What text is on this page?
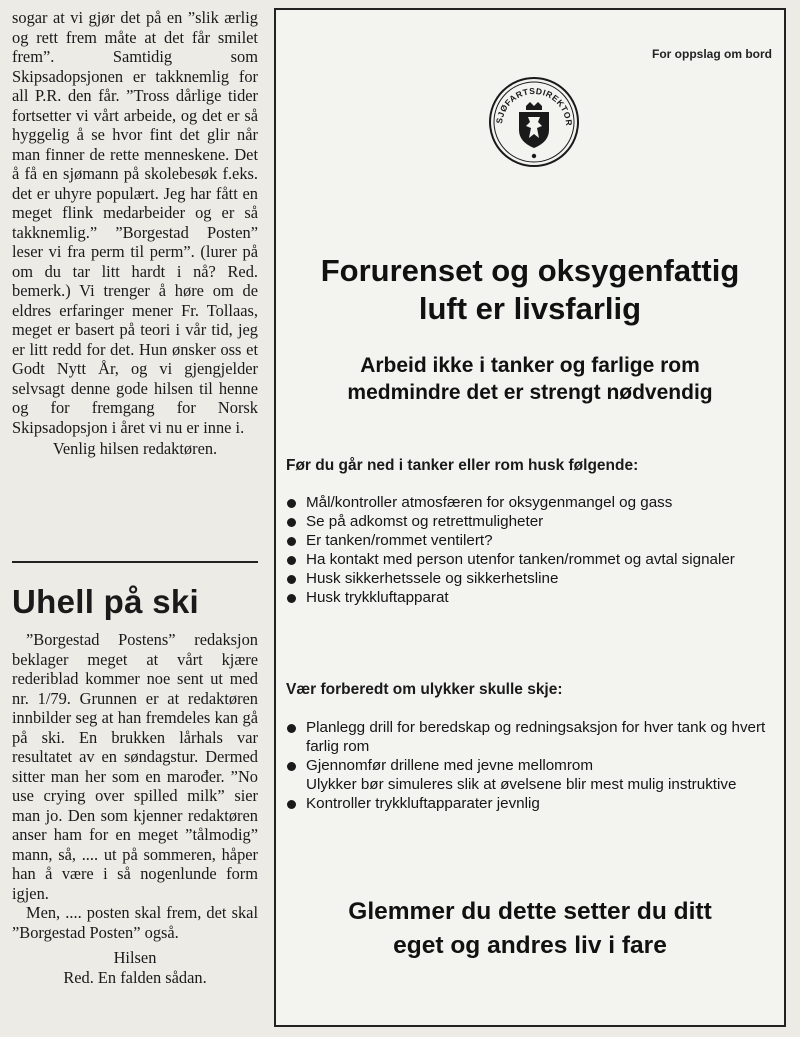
sogar at vi gjør det på en ”slik ærlig og rett frem måte at det får smilet frem”. Samtidig som Skipsadopsjonen er takknemlig for all P.R. den får. ”Tross dårlige tider fortsetter vi vårt arbeide, og det er så hyggelig å se hvor fint det glir når man finner de rette menneskene. Det å få en sjømann på skolebesøk f.eks. det er uhyre populært. Jeg har fått en meget flink medarbeider og er så takknemlig.” ”Borgestad Posten” leser vi fra perm til perm”. (lurer på om du tar litt hardt i nå? Red. bemerk.) Vi trenger å høre om de eldres erfaringer mener Fr. Tollaas, meget er basert på teori i vår tid, jeg er litt redd for det. Hun ønsker oss et Godt Nytt År, og vi gjengjelder selvsagt denne gode hilsen til henne og for fremgang for Norsk Skipsadopsjon i året vi nu er inne i.

Venlig hilsen redaktøren.

Uhell på ski

”Borgestad Postens” redaksjon beklager meget at vårt kjære rederiblad kommer noe sent ut med nr. 1/79. Grunnen er at redaktøren innbilder seg at han fremdeles kan gå på ski. En brukken lårhals var resultatet av en søndagstur. Dermed sitter man her som en marođer. ”No use crying over spilled milk” sier man jo. Den som kjenner redaktøren anser ham for en meget ”tålmodig” mann, så, .... ut på sommeren, håper han å være i så nogenlunde form igjen.

Men, .... posten skal frem, det skal ”Borgestad Posten” også.

Hilsen

Red. En falden sådan.

For oppslag om bord
SJØFARTSDIREKTOR
Forurenset og oksygenfattig
luft er livsfarlig
Arbeid ikke i tanker og farlige rom
medmindre det er strengt nødvendig
Før du går ned i tanker eller rom husk følgende:
Mål/kontroller atmosfæren for oksygenmangel og gass
Se på adkomst og retrettmuligheter
Er tanken/rommet ventilert?
Ha kontakt med person utenfor tanken/rommet og avtal signaler
Husk sikkerhetssele og sikkerhetsline
Husk trykkluftapparat
Vær forberedt om ulykker skulle skje:
Planlegg drill for beredskap og redningsaksjon for hver tank og hvert farlig rom
Gjennomfør drillene med jevne mellomrom
Ulykker bør simuleres slik at øvelsene blir mest mulig instruktive
Kontroller trykkluftapparater jevnlig
Glemmer du dette setter du ditt
eget og andres liv i fare
